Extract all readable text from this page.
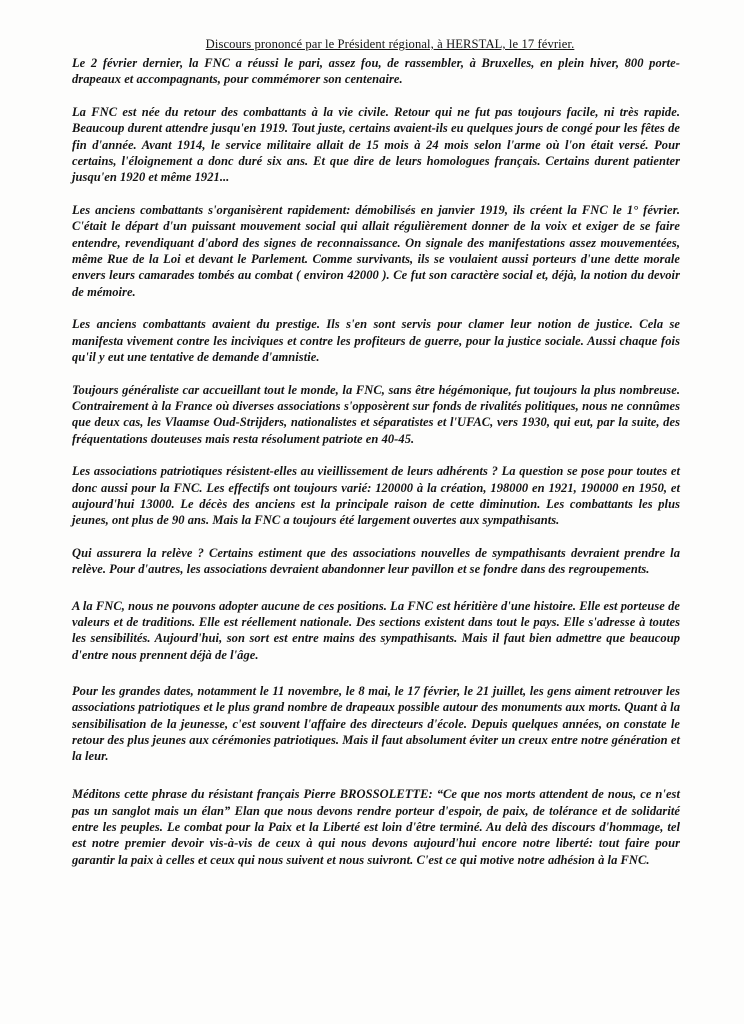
Discours prononcé par le Président régional, à HERSTAL, le 17 février.

Le 2 février dernier, la FNC a réussi le pari, assez fou, de rassembler, à Bruxelles, en plein hiver, 800 porte-drapeaux et accompagnants, pour commémorer son centenaire.

La FNC est née du retour des combattants à la vie civile. Retour qui ne fut pas toujours facile, ni très rapide. Beaucoup durent attendre jusqu'en 1919. Tout juste, certains avaient-ils eu quelques jours de congé pour les fêtes de fin d'année. Avant 1914, le service militaire allait de 15 mois à 24 mois selon l'arme où l'on était versé. Pour certains, l'éloignement a donc duré six ans. Et que dire de leurs homologues français. Certains durent patienter jusqu'en 1920 et même 1921...

Les anciens combattants s'organisèrent rapidement: démobilisés en janvier 1919, ils créent la FNC le 1° février. C'était le départ d'un puissant mouvement social qui allait régulièrement donner de la voix et exiger de se faire entendre, revendiquant d'abord des signes de reconnaissance. On signale des manifestations assez mouvementées, même Rue de la Loi et devant le Parlement. Comme survivants, ils se voulaient aussi porteurs d'une dette morale envers leurs camarades tombés au combat ( environ 42000 ). Ce fut son caractère social et, déjà, la notion du devoir de mémoire.

Les anciens combattants avaient du prestige. Ils s'en sont servis pour clamer leur notion de justice. Cela se manifesta vivement contre les inciviques et contre les profiteurs de guerre, pour la justice sociale. Aussi chaque fois qu'il y eut une tentative de demande d'amnistie.

Toujours généraliste car accueillant tout le monde, la FNC, sans être hégémonique, fut toujours la plus nombreuse. Contrairement à la France où diverses associations s'opposèrent sur fonds de rivalités politiques, nous ne connûmes que deux cas, les Vlaamse Oud-Strijders, nationalistes et séparatistes et l'UFAC, vers 1930, qui eut, par la suite, des fréquentations douteuses mais resta résolument patriote en 40-45.

Les associations patriotiques résistent-elles au vieillissement de leurs adhérents ? La question se pose pour toutes et donc aussi pour la FNC. Les effectifs ont toujours varié: 120000 à la création, 198000 en 1921, 190000 en 1950, et aujourd'hui 13000. Le décès des anciens est la principale raison de cette diminution. Les combattants les plus jeunes, ont plus de 90 ans. Mais la FNC a toujours été largement ouvertes aux sympathisants.

Qui assurera la relève ? Certains estiment que des associations nouvelles de sympathisants devraient prendre la relève. Pour d'autres, les associations devraient abandonner leur pavillon et se fondre dans des regroupements.

A la FNC, nous ne pouvons adopter aucune de ces positions. La FNC est héritière d'une histoire. Elle est porteuse de valeurs et de traditions. Elle est réellement nationale. Des sections existent dans tout le pays. Elle s'adresse à toutes les sensibilités. Aujourd'hui, son sort est entre mains des sympathisants. Mais il faut bien admettre que beaucoup d'entre nous prennent déjà de l'âge.

Pour les grandes dates, notamment le 11 novembre, le 8 mai, le 17 février, le 21 juillet, les gens aiment retrouver les associations patriotiques et le plus grand nombre de drapeaux possible autour des monuments aux morts. Quant à la sensibilisation de la jeunesse, c'est souvent l'affaire des directeurs d'école. Depuis quelques années, on constate le retour des plus jeunes aux cérémonies patriotiques. Mais il faut absolument éviter un creux entre notre génération et la leur.

Méditons cette phrase du résistant français Pierre BROSSOLETTE: “Ce que nos morts attendent de nous, ce n'est pas un sanglot mais un élan” Elan que nous devons rendre porteur d'espoir, de paix, de tolérance et de solidarité entre les peuples. Le combat pour la Paix et la Liberté est loin d'être terminé. Au delà des discours d'hommage, tel est notre premier devoir vis-à-vis de ceux à qui nous devons aujourd'hui encore notre liberté: tout faire pour garantir la paix à celles et ceux qui nous suivent et nous suivront. C'est ce qui motive notre adhésion à la FNC.
